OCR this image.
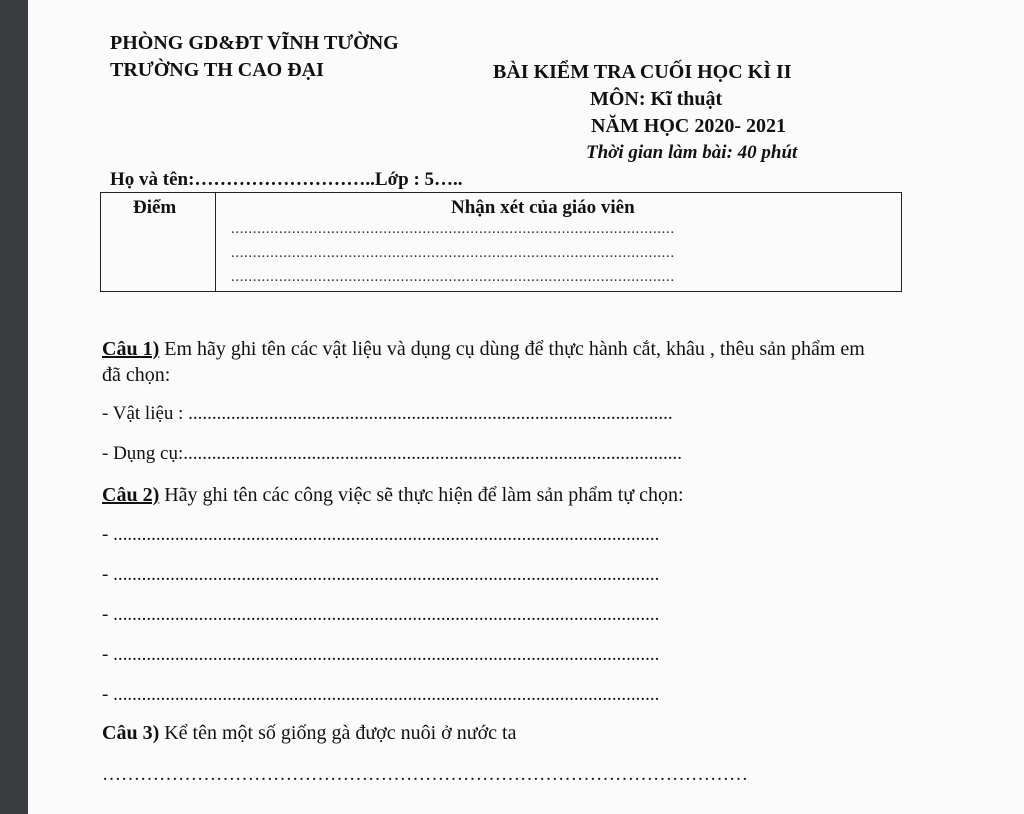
PHÒNG GD&ĐT VĨNH TƯỜNG
TRƯỜNG TH CAO ĐẠI	BÀI KIỂM TRA CUỐI HỌC KÌ II
MÔN: Kĩ thuật
NĂM HỌC 2020- 2021
Thời gian làm bài: 40 phút
Họ và tên:………………………..Lớp : 5…..
Điểm	Nhận xét của giáo viên
......................................................................................................
......................................................................................................
......................................................................................................
Câu 1) Em hãy ghi tên các vật liệu và dụng cụ dùng để thực hành cắt, khâu , thêu sản phẩm em
đã chọn:
- Vật liệu : ......................................................................................................
- Dụng cụ:.........................................................................................................
Câu 2) Hãy ghi tên các công việc sẽ thực hiện để làm sản phẩm tự chọn:
- ...................................................................................................................
- ...................................................................................................................
- ...................................................................................................................
- ...................................................................................................................
- ...................................................................................................................
Câu 3) Kể tên một số giống gà được nuôi ở nước ta
…………………………………………………………………………………………
